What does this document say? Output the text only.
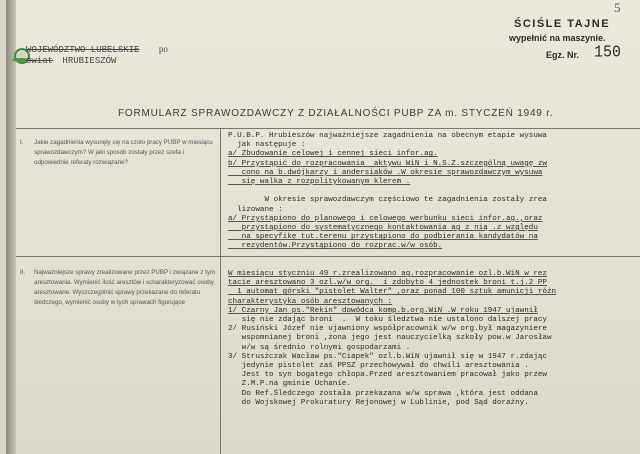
5
ŚCIŚLE TAJNE
wypełnić na maszynie.
Egz. Nr. 150
WOJEWÓDZTWO LUBELSKIE po
owiat HRUBIESZÓW
FORMULARZ SPRAWOZDAWCZY Z DZIAŁALNOŚCI PUBP ZA m. STYCZEŃ 1949 r.
I. Jakie zagadnienia wysunęły się na czoło pracy PUBP w miesiącu sprawozdawczym? W jaki sposób zostały przez szefa i odpowiednie referaty rozwiązane?
II. Najważniejsze sprawy zrealizowane przez PUBP i związane z tym aresztowania. Wymienić ilość aresztów i scharakteryzować osoby aresztowane. Wyszczególnić sprawy przekazane do referatu śledczego, wymienić osoby w tych sprawach figurujące
P.U.B.P. Hrubieszów najważniejsze zagadnienia na obecnym etapie wysuwa
jak następuje :
a/ Zbudowanie celowej i cennej sieci infor.ag.
b/ Przystąpić do rozpracowania  aktywu WiN i N.S.Z.szczególną uwagę zw
cono na b.dwójkarzy i andersiaków .W okresie sprawozdawczym wysuwa
się walka z rozpolitykowanym klerem .

W okresie sprawozdawczym częściowo te zagadnienia zostały zrea
lizowane :
a/ Przystąpiono do planowego i celowego werbunku sieci infor.ag.,oraz
przystąpiono do systematycznego kontaktowania ag z nią .z względu
na specyfikę tut.terenu przystąpiono do podbierania kandydatów na
rezydentów.Przystąpiono do rozprac.w/w osób.
W miesiącu styczniu 49 r.zrealizowano ag.rozpracowanie ozl.b.WiN w rez
tacie aresztowano 3 ozl.w/w org.  i zdobyto 4 jednostek broni t.j.2 PP
1 automat górski "pistolet Walter" ,oraz ponad 100 sztuk amunicji różn
charakterystyka osób aresztowanych :
1/ Czarny Jan ps."Rekin" dowódca komp.b.org.WiN .W roku 1947 ujawnił
się nie zdając broni  .  W toku śledztwa nie ustalono dalszej pracy
2/ Rusiński Józef nie ujawniony współpracownik w/w org.był magazyniere
wspomnianej broni ,żona jego jest nauczycielką szkoły pow.w Jarosław
w/w są średnio rolnymi gospodarzami .
3/ Strusżczak Wacław ps."Ciapek" ozl.b.WiN ujawnił się w 1947 r.zdając
jedynie pistolet zaś PPSZ przechowywał do chwili aresztowania .
Jest to syn bogatego chłopa.Przed aresztowaniem pracował jako przew
Z.M.P.na gminie Uchanie.
Do Ref.Śledczego została przekazana w/w sprawa ,która jest oddana
do Wojskowej Prokuratury Rejonowej w Lublinie, pod Sąd doraźny.
